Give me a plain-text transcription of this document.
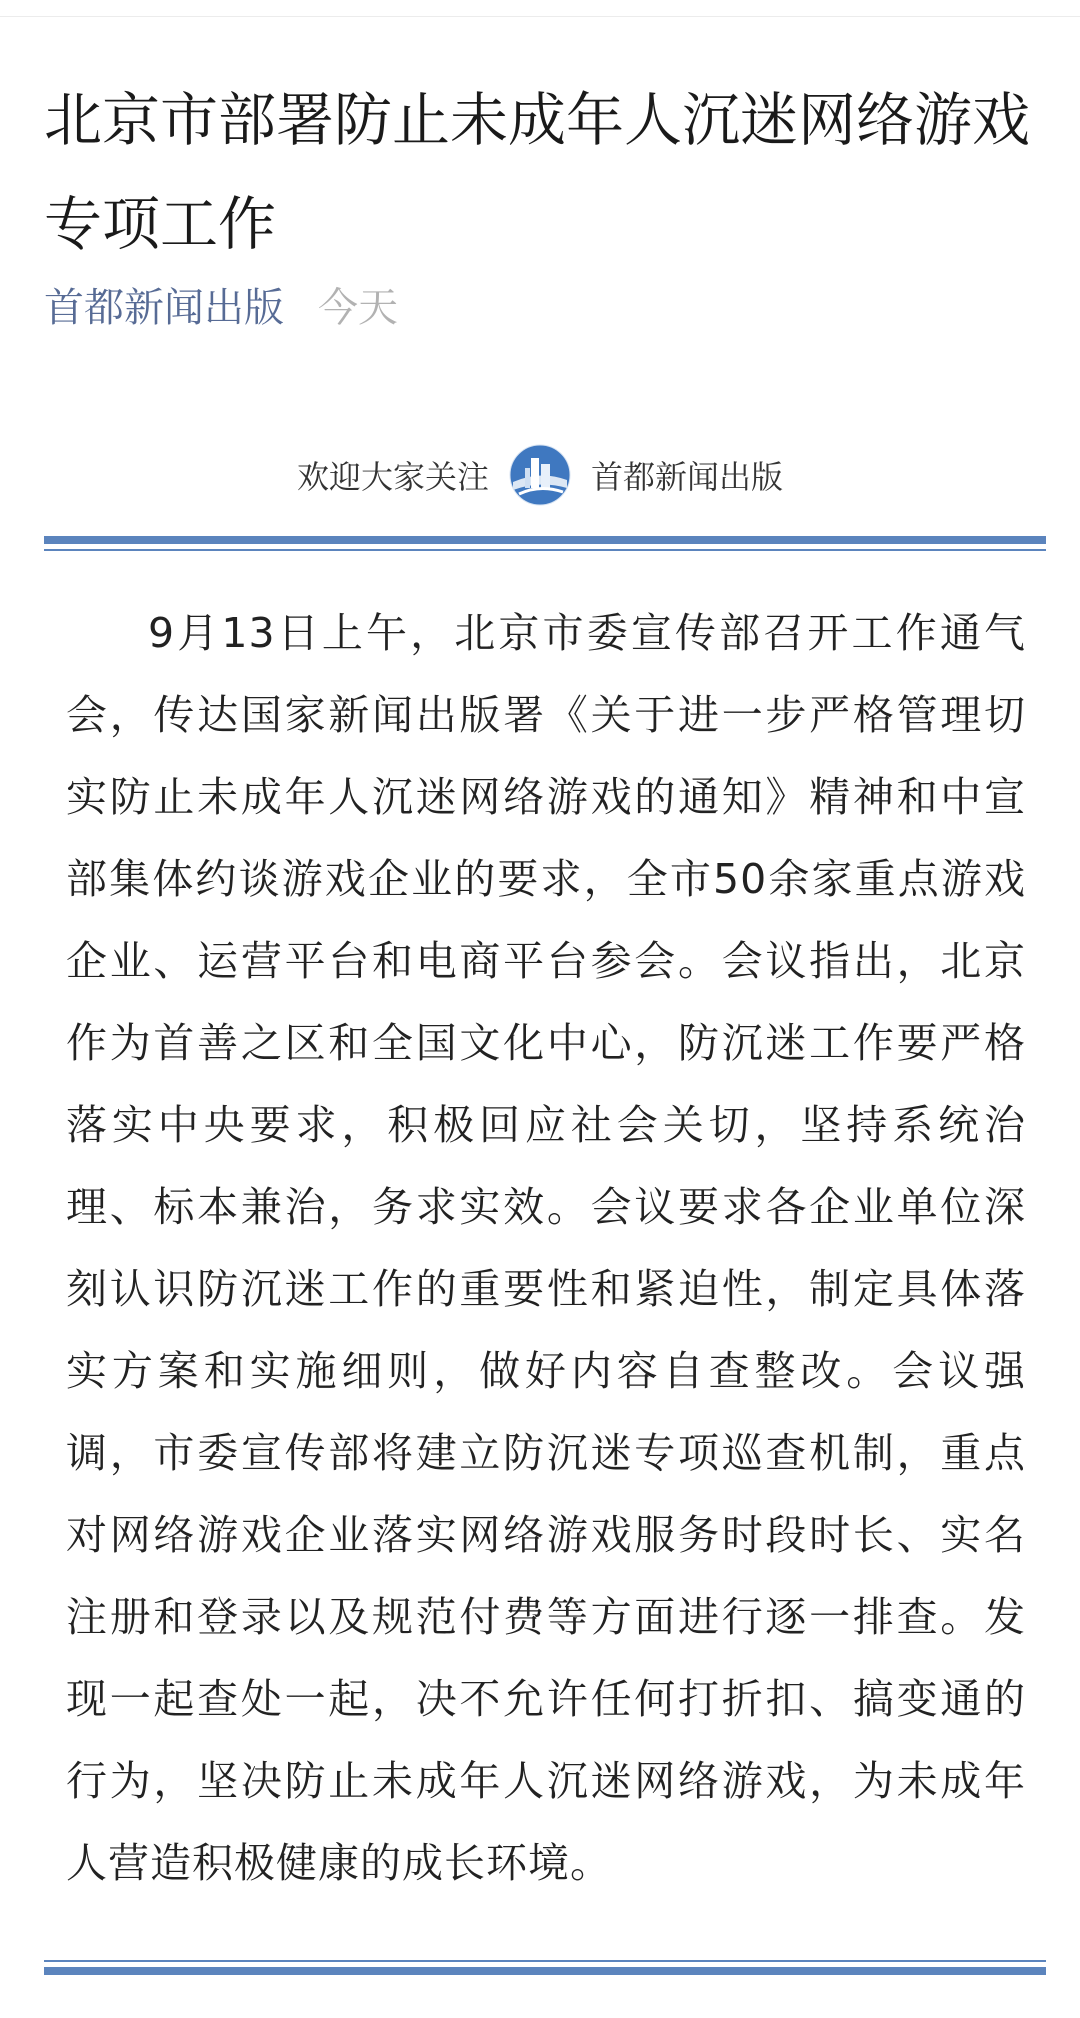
北京市部署防止未成年人沉迷网络游戏专项工作
首都新闻出版 今天
欢迎大家关注	首都新闻出版

9月13日上午，北京市委宣传部召开工作通气会，传达国家新闻出版署《关于进一步严格管理切实防止未成年人沉迷网络游戏的通知》精神和中宣部集体约谈游戏企业的要求，全市50余家重点游戏企业、运营平台和电商平台参会。会议指出，北京作为首善之区和全国文化中心，防沉迷工作要严格落实中央要求，积极回应社会关切，坚持系统治理、标本兼治，务求实效。会议要求各企业单位深刻认识防沉迷工作的重要性和紧迫性，制定具体落实方案和实施细则，做好内容自查整改。会议强调，市委宣传部将建立防沉迷专项巡查机制，重点对网络游戏企业落实网络游戏服务时段时长、实名注册和登录以及规范付费等方面进行逐一排查。发现一起查处一起，决不允许任何打折扣、搞变通的行为，坚决防止未成年人沉迷网络游戏，为未成年人营造积极健康的成长环境。
